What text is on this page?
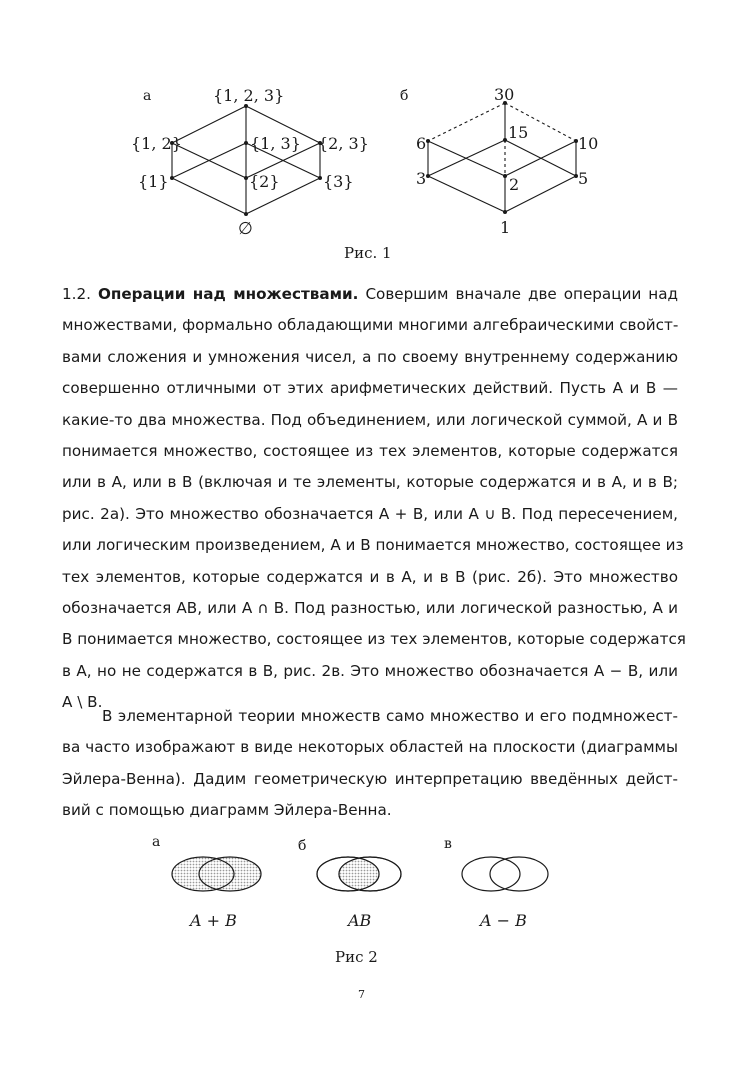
а	{1, 2, 3}
{1, 2}	{1, 3} {2, 3}
{1}	{2}	{3}
∅
б	30
6
15
10
3	2	5
1
Рис. 1
1.2. Операции над множествами. Совершим вначале две операции над
множествами, формально обладающими многими алгебраическими свойст-
вами сложения и умножения чисел, а по своему внутреннему содержанию
совершенно отличными от этих арифметических действий. Пусть A и B —
какие-то два множества. Под объединением, или логической суммой, A и B
понимается множество, состоящее из тех элементов, которые содержатся
или в A, или в B (включая и те элементы, которые содержатся и в A, и в B;
рис. 2а). Это множество обозначается A + B, или A ∪ B. Под пересечением,
или логическим произведением, A и B понимается множество, состоящее из
тех элементов, которые содержатся и в A, и в B (рис. 2б). Это множество
обозначается AB, или A ∩ B. Под разностью, или логической разностью, A и
B понимается множество, состоящее из тех элементов, которые содержатся
в A, но не содержатся в B, рис. 2в. Это множество обозначается A − B, или
A \ B.
В элементарной теории множеств само множество и его подмножест-
ва часто изображают в виде некоторых областей на плоскости (диаграммы
Эйлера-Венна). Дадим геометрическую интерпретацию введённых дейст-
вий с помощью диаграмм Эйлера-Венна.
а
A + B
б
AB
в
A − B
Рис 2
7
